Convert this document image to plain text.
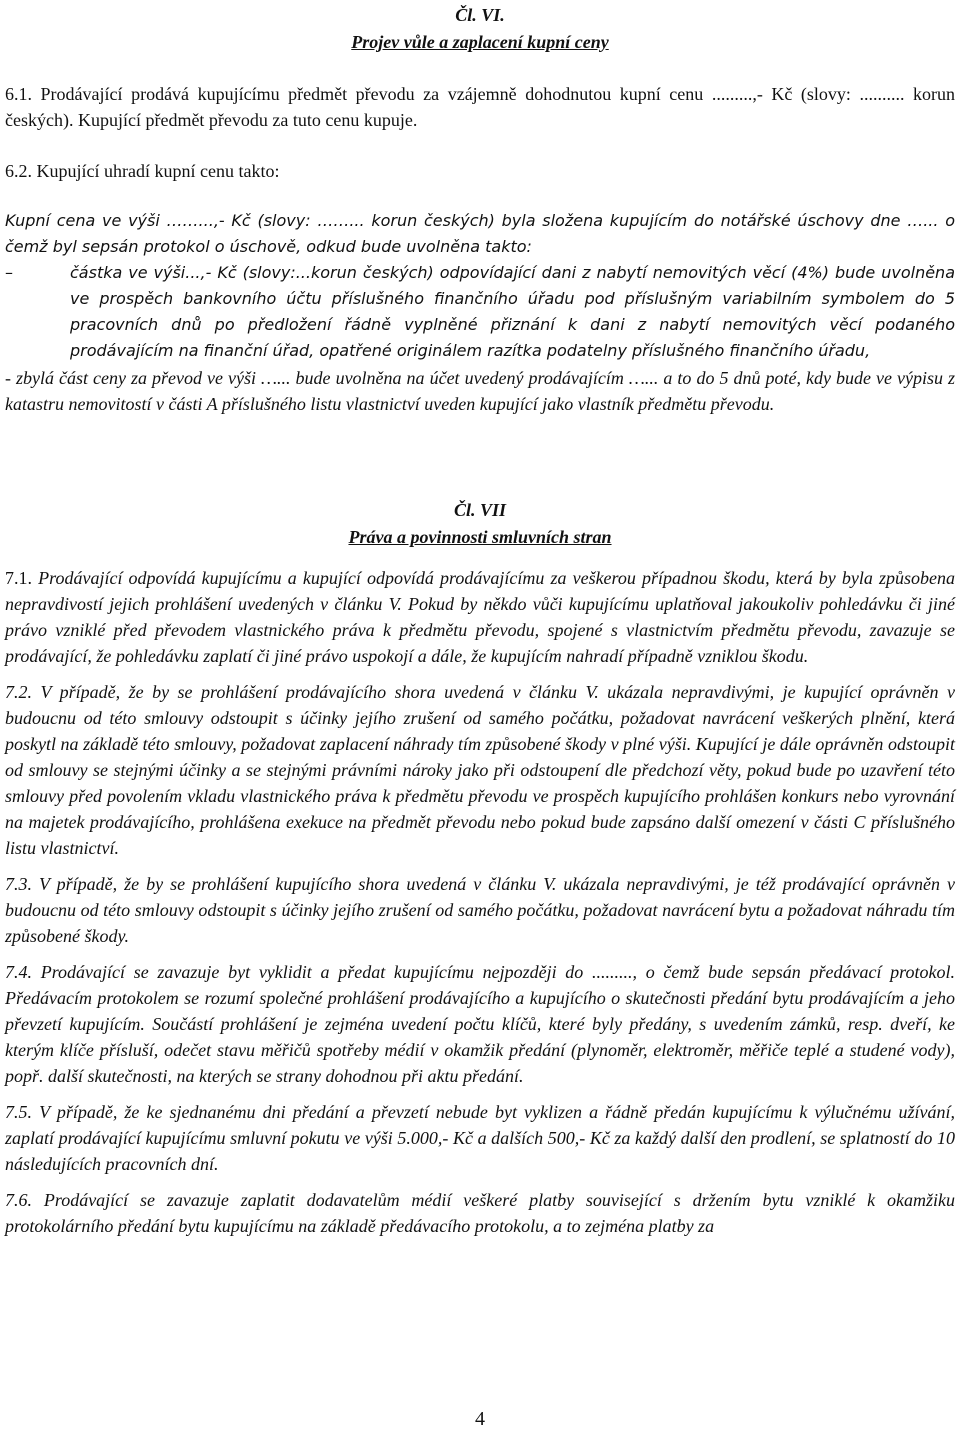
Čl. VI.
Projev vůle a zaplacení kupní ceny

6.1. Prodávající prodává kupujícímu předmět převodu za vzájemně dohodnutou kupní cenu .........,- Kč (slovy: .......... korun českých). Kupující předmět převodu za tuto cenu kupuje.

6.2. Kupující uhradí kupní cenu takto:

Kupní cena ve výši ……...,- Kč (slovy: ……... korun českých) byla složena kupujícím do notářské úschovy dne …... o čemž byl sepsán protokol o úschově, odkud bude uvolněna takto:

–	částka ve výši...,- Kč (slovy:...korun českých) odpovídající dani z nabytí nemovitých věcí (4%) bude uvolněna ve prospěch bankovního účtu příslušného finančního úřadu pod příslušným variabilním symbolem do 5 pracovních dnů po předložení řádně vyplněné přiznání k dani z nabytí nemovitých věcí podaného prodávajícím na finanční úřad, opatřené originálem razítka podatelny příslušného finančního úřadu,

- zbylá část ceny za převod ve výši …... bude uvolněna na účet uvedený prodávajícím …... a to do 5 dnů poté, kdy bude ve výpisu z katastru nemovitostí v části A příslušného listu vlastnictví uveden kupující jako vlastník předmětu převodu.

Čl. VII
Práva a povinnosti smluvních stran

7.1. Prodávající odpovídá kupujícímu a kupující odpovídá prodávajícímu za veškerou případnou škodu, která by byla způsobena nepravdivostí jejich prohlášení uvedených v článku V. Pokud by někdo vůči kupujícímu uplatňoval jakoukoliv pohledávku či jiné právo vzniklé před převodem vlastnického práva k předmětu převodu, spojené s vlastnictvím předmětu převodu, zavazuje se prodávající, že pohledávku zaplatí či jiné právo uspokojí a dále, že kupujícím nahradí případně vzniklou škodu.

7.2. V případě, že by se prohlášení prodávajícího shora uvedená v článku V. ukázala nepravdivými, je kupující oprávněn v budoucnu od této smlouvy odstoupit s účinky jejího zrušení od samého počátku, požadovat navrácení veškerých plnění, která poskytl na základě této smlouvy, požadovat zaplacení náhrady tím způsobené škody v plné výši. Kupující je dále oprávněn odstoupit od smlouvy se stejnými účinky a se stejnými právními nároky jako při odstoupení dle předchozí věty, pokud bude po uzavření této smlouvy před povolením vkladu vlastnického práva k předmětu převodu ve prospěch kupujícího prohlášen konkurs nebo vyrovnání na majetek prodávajícího, prohlášena exekuce na předmět převodu nebo pokud bude zapsáno další omezení v části C příslušného listu vlastnictví.

7.3. V případě, že by se prohlášení kupujícího shora uvedená v článku V. ukázala nepravdivými, je též prodávající oprávněn v budoucnu od této smlouvy odstoupit s účinky jejího zrušení od samého počátku, požadovat navrácení bytu a požadovat náhradu tím způsobené škody.

7.4. Prodávající se zavazuje byt vyklidit a předat kupujícímu nejpozději do ........., o čemž bude sepsán předávací protokol. Předávacím protokolem se rozumí společné prohlášení prodávajícího a kupujícího o skutečnosti předání bytu prodávajícím a jeho převzetí kupujícím. Součástí prohlášení je zejména uvedení počtu klíčů, které byly předány, s uvedením zámků, resp. dveří, ke kterým klíče přísluší, odečet stavu měřičů spotřeby médií v okamžik předání (plynoměr, elektroměr, měřiče teplé a studené vody), popř. další skutečnosti, na kterých se strany dohodnou při aktu předání.

7.5. V případě, že ke sjednanému dni předání a převzetí nebude byt vyklizen a řádně předán kupujícímu k výlučnému užívání, zaplatí prodávající kupujícímu smluvní pokutu ve výši 5.000,- Kč a dalších 500,- Kč za každý další den prodlení, se splatností do 10 následujících pracovních dní.

7.6. Prodávající se zavazuje zaplatit dodavatelům médií veškeré platby související s držením bytu vzniklé k okamžiku protokolárního předání bytu kupujícímu na základě předávacího protokolu, a to zejména platby za

4
